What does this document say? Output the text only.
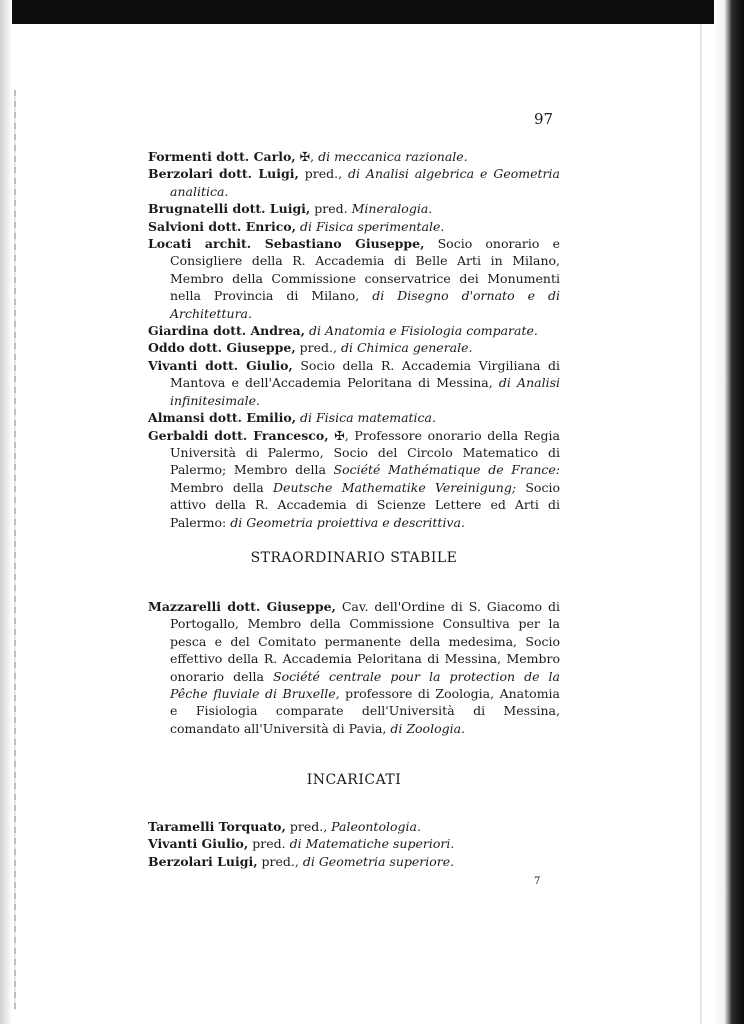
97

Formenti dott. Carlo, ✠, di meccanica razionale.

Berzolari dott. Luigi, pred., di Analisi algebrica e Geometria analitica.

Brugnatelli dott. Luigi, pred. Mineralogia.

Salvioni dott. Enrico, di Fisica sperimentale.

Locati archit. Sebastiano Giuseppe, Socio onorario e Consigliere della R. Accademia di Belle Arti in Milano, Membro della Commissione conservatrice dei Monumenti nella Provincia di Milano, di Disegno d'ornato e di Architettura.

Giardina dott. Andrea, di Anatomia e Fisiologia comparate.

Oddo dott. Giuseppe, pred., di Chimica generale.

Vivanti dott. Giulio, Socio della R. Accademia Virgiliana di Mantova e dell'Accademia Peloritana di Messina, di Analisi infinitesimale.

Almansi dott. Emilio, di Fisica matematica.

Gerbaldi dott. Francesco, ✠, Professore onorario della Regia Università di Palermo, Socio del Circolo Matematico di Palermo; Membro della Société Mathématique de France: Membro della Deutsche Mathematike Vereinigung; Socio attivo della R. Accademia di Scienze Lettere ed Arti di Palermo: di Geometria proiettiva e descrittiva.

STRAORDINARIO STABILE

Mazzarelli dott. Giuseppe, Cav. dell'Ordine di S. Giacomo di Portogallo, Membro della Commissione Consultiva per la pesca e del Comitato permanente della medesima, Socio effettivo della R. Accademia Peloritana di Messina, Membro onorario della Société centrale pour la protection de la Pêche fluviale di Bruxelle, professore di Zoologia, Anatomia e Fisiologia comparate dell'Università di Messina, comandato all'Università di Pavia, di Zoologia.

INCARICATI

Taramelli Torquato, pred., Paleontologia.

Vivanti Giulio, pred. di Matematiche superiori.

Berzolari Luigi, pred., di Geometria superiore.

7
